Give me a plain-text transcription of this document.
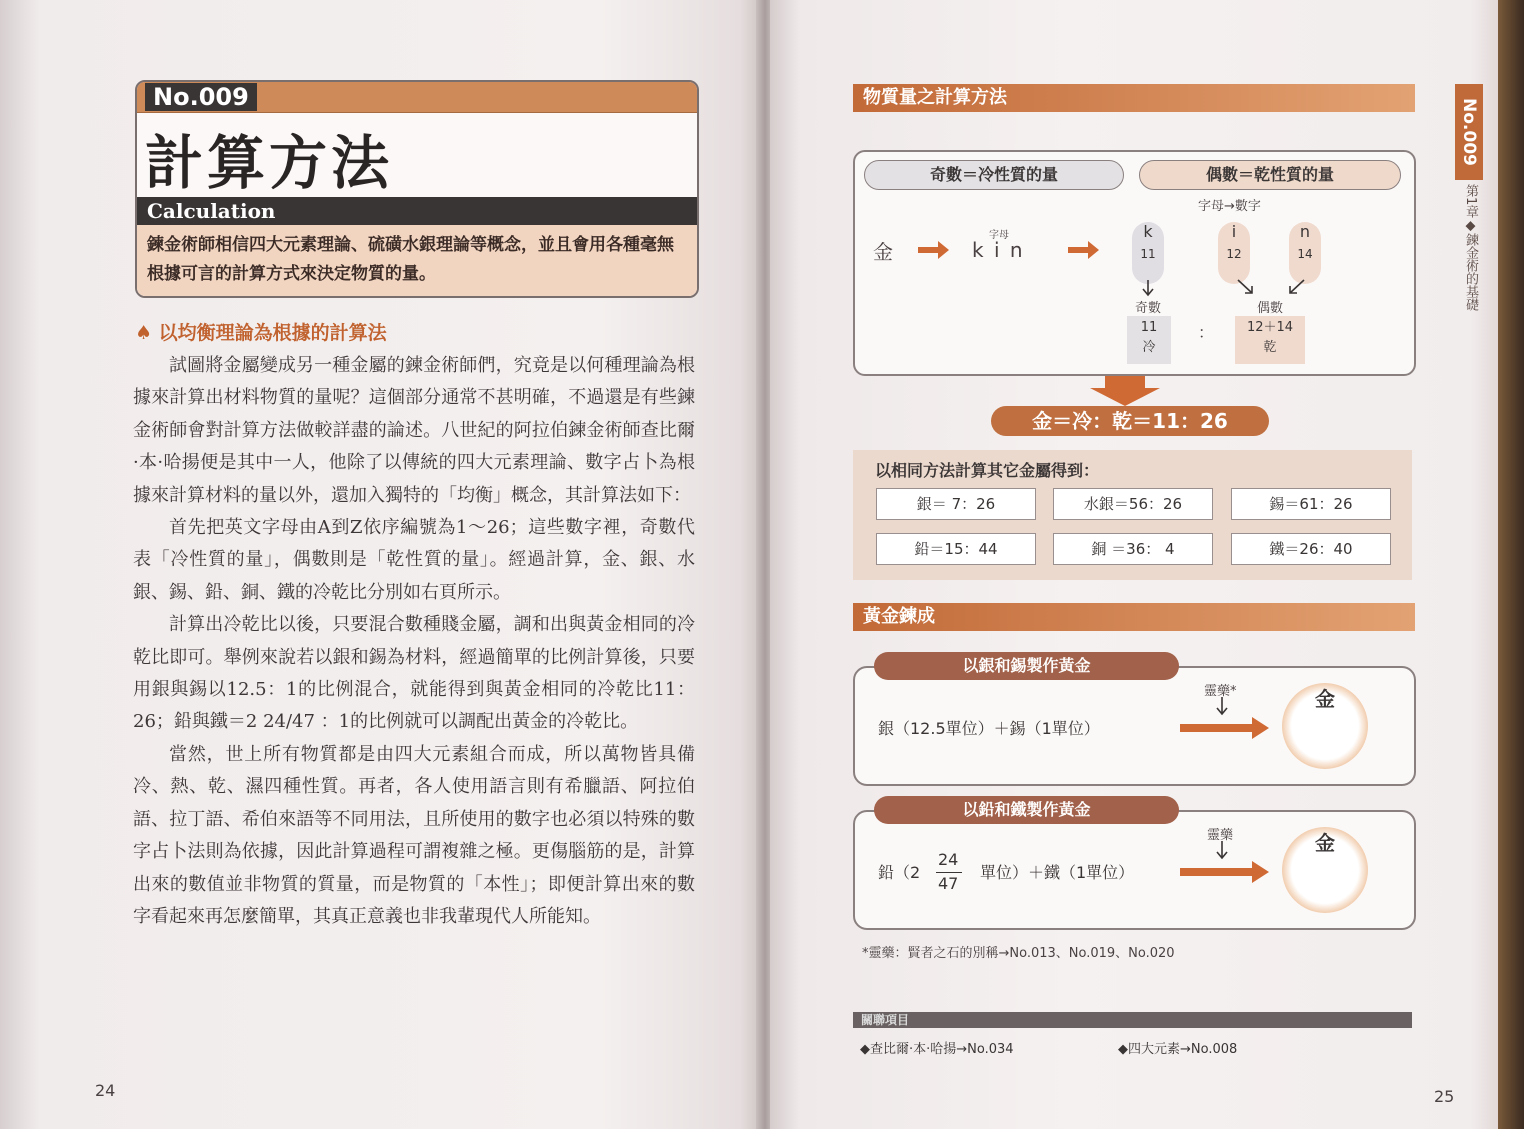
No.009
計算方法
Calculation
鍊金術師相信四大元素理論、硫磺水銀理論等概念，並且會用各種毫無根據可言的計算方式來決定物質的量。
♠ 以均衡理論為根據的計算法

試圖將金屬變成另一種金屬的鍊金術師們，究竟是以何種理論為根據來計算出材料物質的量呢？這個部分通常不甚明確，不過還是有些鍊金術師會對計算方法做較詳盡的論述。八世紀的阿拉伯鍊金術師查比爾·本·哈揚便是其中一人，他除了以傳統的四大元素理論、數字占卜為根據來計算材料的量以外，還加入獨特的「均衡」概念，其計算法如下：

首先把英文字母由A到Z依序編號為1～26；這些數字裡，奇數代表「冷性質的量」，偶數則是「乾性質的量」。經過計算，金、銀、水銀、錫、鉛、銅、鐵的冷乾比分別如右頁所示。

計算出冷乾比以後，只要混合數種賤金屬，調和出與黃金相同的冷乾比即可。舉例來說若以銀和錫為材料，經過簡單的比例計算後，只要用銀與錫以12.5：1的比例混合，就能得到與黃金相同的冷乾比11：26；鉛與鐵＝2 24/47 ：1的比例就可以調配出黃金的冷乾比。

當然，世上所有物質都是由四大元素組合而成，所以萬物皆具備冷、熱、乾、濕四種性質。再者，各人使用語言則有希臘語、阿拉伯語、拉丁語、希伯來語等不同用法，且所使用的數字也必須以特殊的數字占卜法則為依據，因此計算過程可謂複雜之極。更傷腦筋的是，計算出來的數值並非物質的質量，而是物質的「本性」；即便計算出來的數字看起來再怎麼簡單，其真正意義也非我輩現代人所能知。

24
物質量之計算方法
奇數＝冷性質的量	偶數＝乾性質的量
字母→數字
金
字母
k i n
k
11
i
12
n
14
奇數	偶數
11
冷
：	12＋14
乾
金＝冷：乾＝11：26
以相同方法計算其它金屬得到：
銀＝ 7：26	水銀＝56：26	錫＝61：26
鉛＝15：44	銅 ＝36： 4	鐵＝26：40
黃金鍊成
以銀和錫製作黃金
靈藥*
銀（12.5單位）＋錫（1單位）
金
以鉛和鐵製作黃金
靈藥
鉛（2
24
47
單位）＋鐵（1單位）
金
*靈藥：賢者之石的別稱→No.013、No.019、No.020
關聯項目
◆查比爾·本·哈揚→No.034	◆四大元素→No.008
No.009
第1章◆鍊金術的基礎
25
